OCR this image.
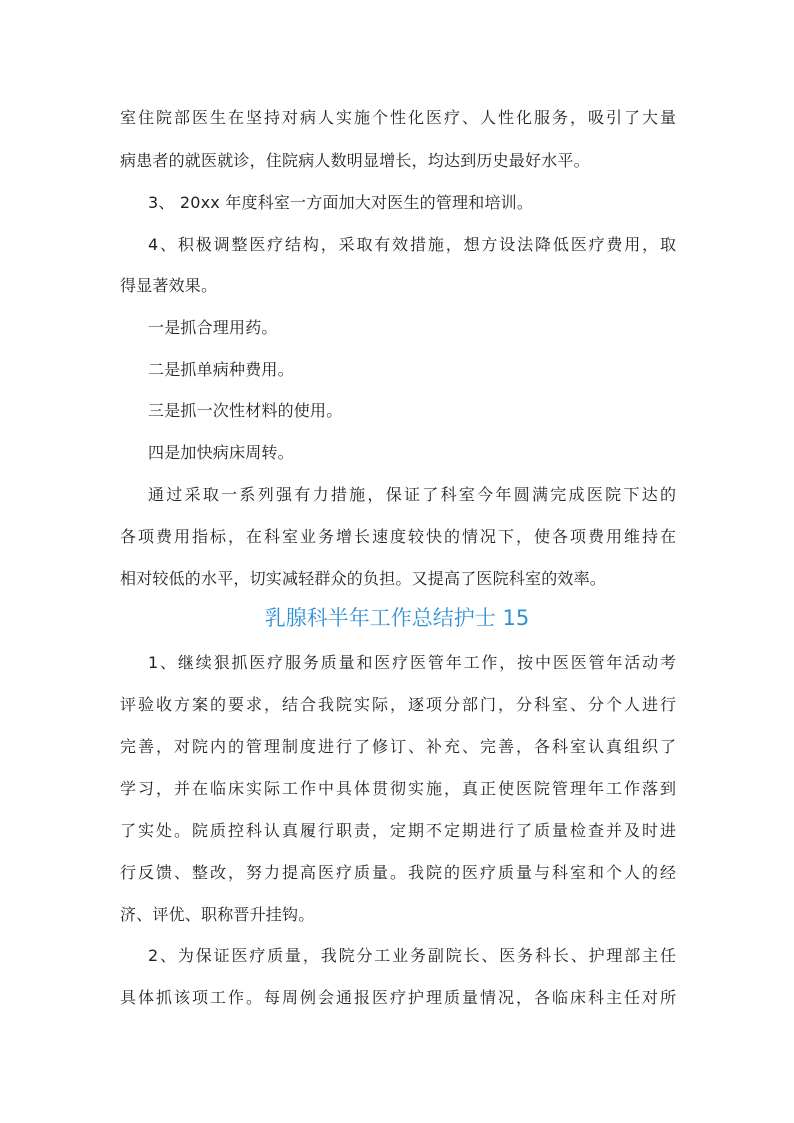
室住院部医生在坚持对病人实施个性化医疗、人性化服务，吸引了大量
病患者的就医就诊，住院病人数明显增长，均达到历史最好水平。
3、 20xx 年度科室一方面加大对医生的管理和培训。
4、积极调整医疗结构，采取有效措施，想方设法降低医疗费用，取
得显著效果。
一是抓合理用药。
二是抓单病种费用。
三是抓一次性材料的使用。
四是加快病床周转。
通过采取一系列强有力措施，保证了科室今年圆满完成医院下达的
各项费用指标，在科室业务增长速度较快的情况下，使各项费用维持在
相对较低的水平，切实减轻群众的负担。又提高了医院科室的效率。
乳腺科半年工作总结护士 15
1、继续狠抓医疗服务质量和医疗医管年工作，按中医医管年活动考
评验收方案的要求，结合我院实际，逐项分部门，分科室、分个人进行
完善，对院内的管理制度进行了修订、补充、完善，各科室认真组织了
学习，并在临床实际工作中具体贯彻实施，真正使医院管理年工作落到
了实处。院质控科认真履行职责，定期不定期进行了质量检查并及时进
行反馈、整改，努力提高医疗质量。我院的医疗质量与科室和个人的经
济、评优、职称晋升挂钩。
2、为保证医疗质量，我院分工业务副院长、医务科长、护理部主任
具体抓该项工作。每周例会通报医疗护理质量情况，各临床科主任对所
